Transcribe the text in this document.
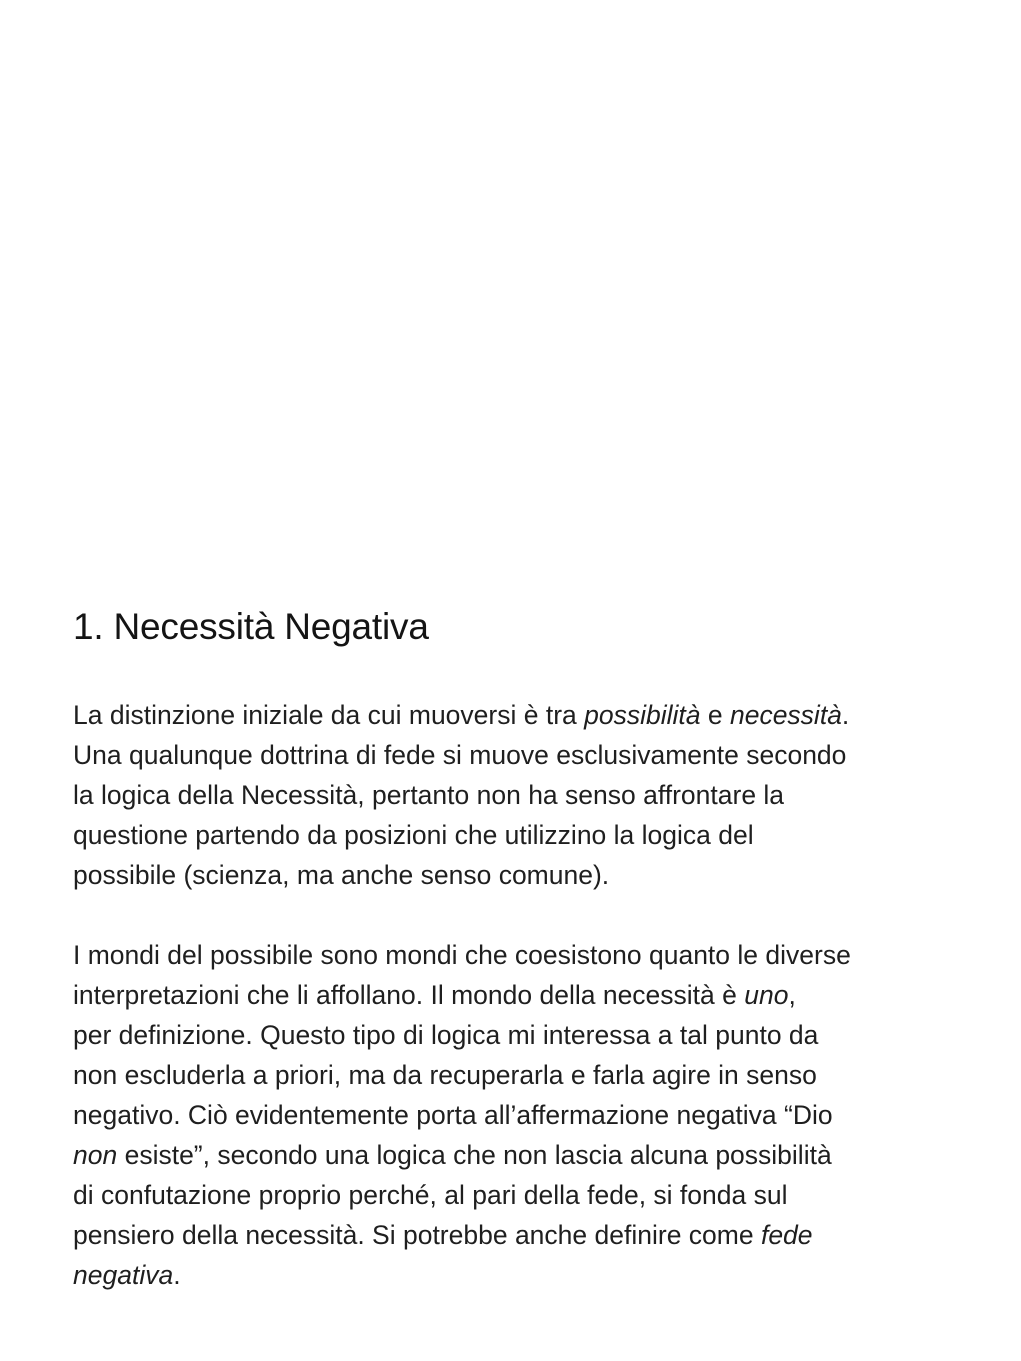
1. Necessità Negativa

La distinzione iniziale da cui muoversi è tra possibilità e necessità.
Una qualunque dottrina di fede si muove esclusivamente secondo
la logica della Necessità, pertanto non ha senso affrontare la
questione partendo da posizioni che utilizzino la logica del
possibile (scienza, ma anche senso comune).

I mondi del possibile sono mondi che coesistono quanto le diverse
interpretazioni che li affollano. Il mondo della necessità è uno,
per definizione. Questo tipo di logica mi interessa a tal punto da
non escluderla a priori, ma da recuperarla e farla agire in senso
negativo. Ciò evidentemente porta all’affermazione negativa “Dio
non esiste”, secondo una logica che non lascia alcuna possibilità
di confutazione proprio perché, al pari della fede, si fonda sul
pensiero della necessità. Si potrebbe anche definire come fede
negativa.
